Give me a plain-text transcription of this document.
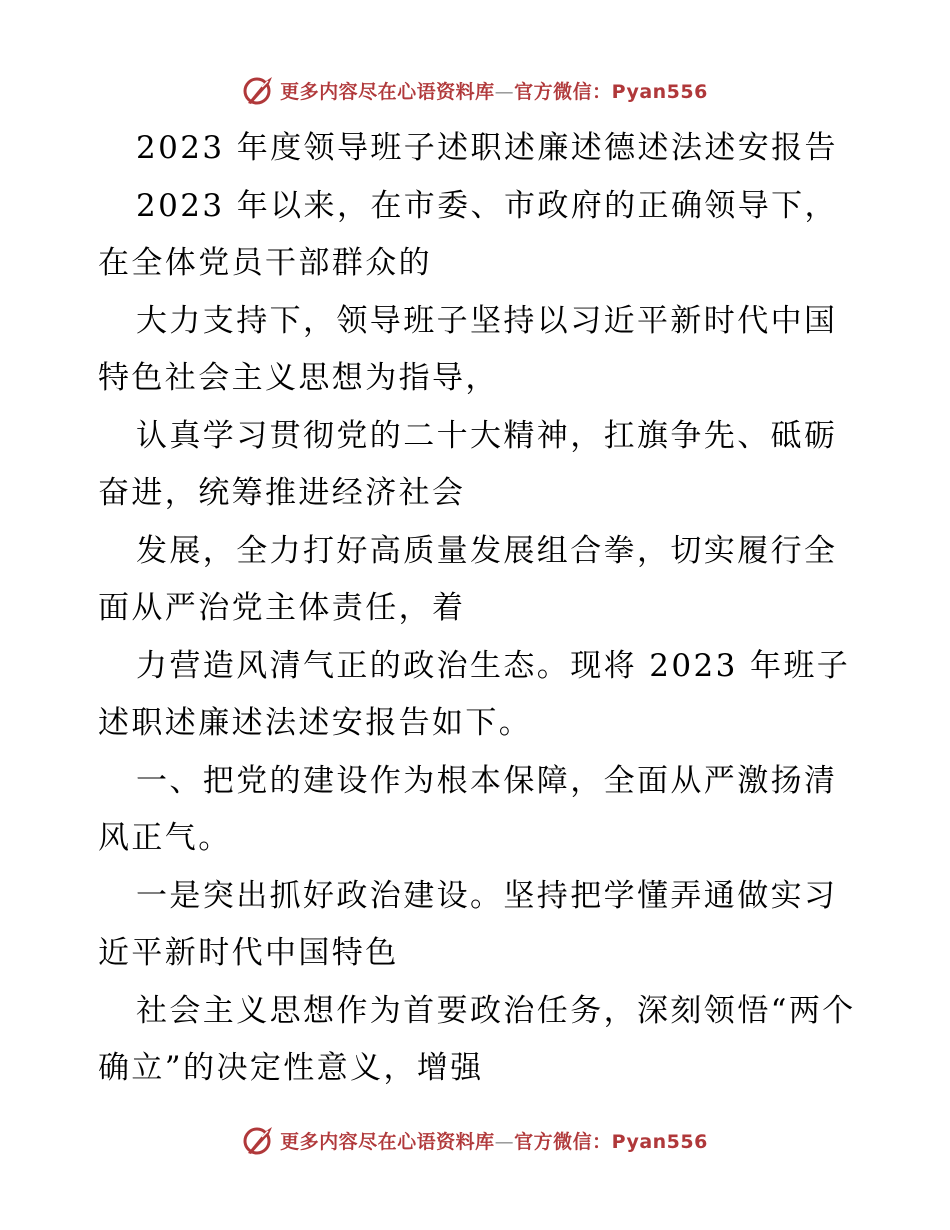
更多内容尽在心语资料库—官方微信：Pyan556

2023 年度领导班子述职述廉述德述法述安报告

2023 年以来，在市委、市政府的正确领导下，在全体党员干部群众的

大力支持下，领导班子坚持以习近平新时代中国特色社会主义思想为指导，

认真学习贯彻党的二十大精神，扛旗争先、砥砺奋进，统筹推进经济社会

发展，全力打好高质量发展组合拳，切实履行全面从严治党主体责任，着

力营造风清气正的政治生态。现将 2023 年班子述职述廉述法述安报告如下。

一、把党的建设作为根本保障，全面从严激扬清风正气。

一是突出抓好政治建设。坚持把学懂弄通做实习近平新时代中国特色

社会主义思想作为首要政治任务，深刻领悟“两个确立”的决定性意义，增强

更多内容尽在心语资料库—官方微信：Pyan556
